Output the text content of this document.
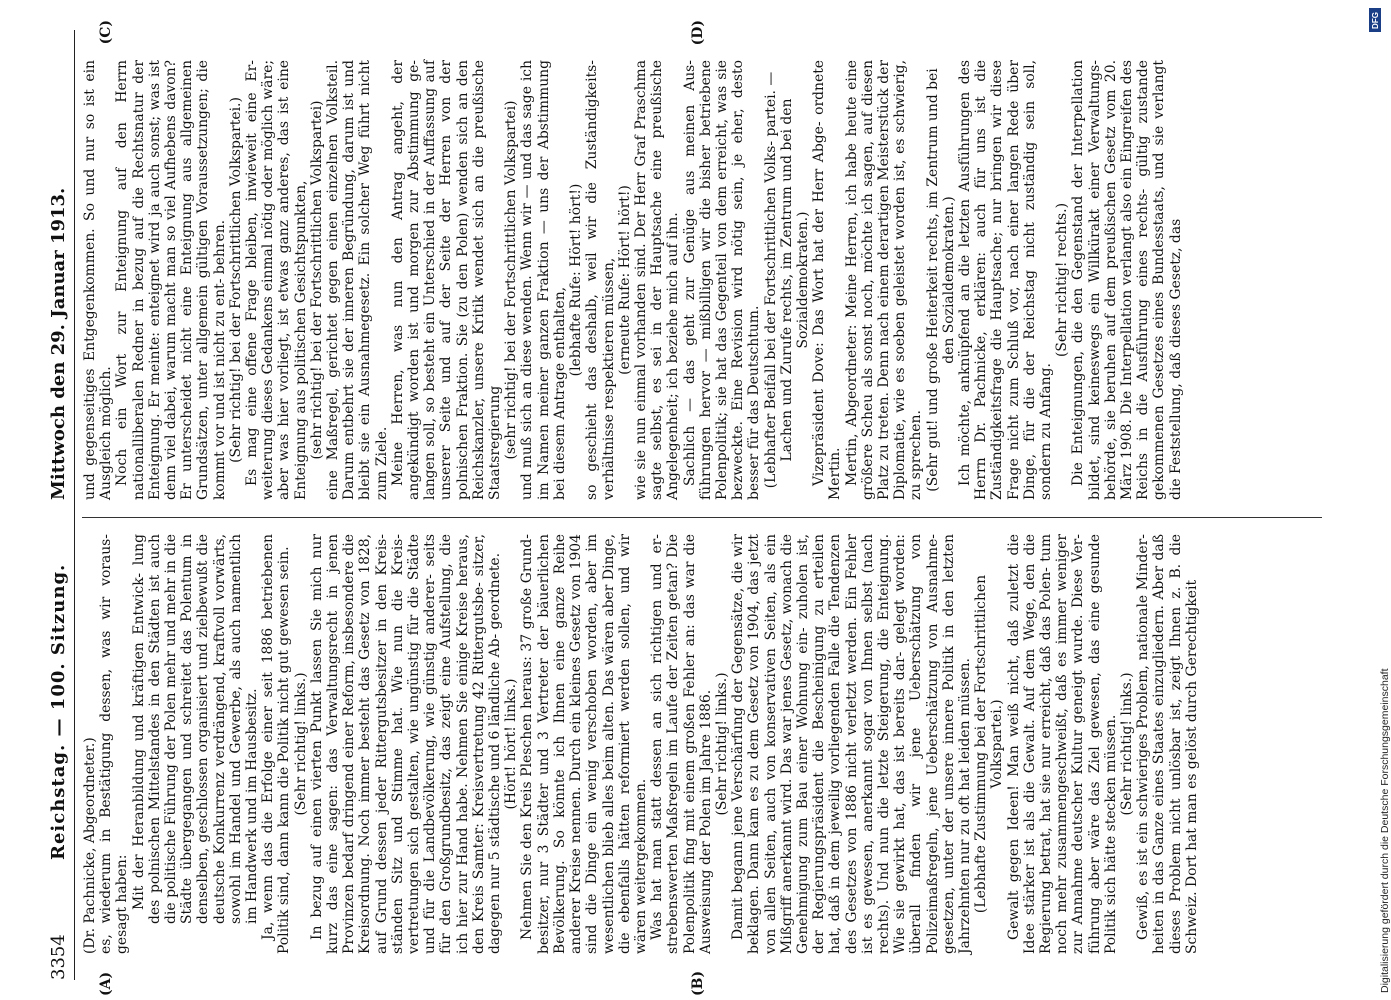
3354
Reichstag. — 100. Sitzung.
Mittwoch den 29. Januar 1913.
(A)	(B)
(C)	(D)

(Dr. Pachnicke, Abgeordneter.) es, wiederum in Bestätigung dessen, was wir voraus- gesagt haben: Mit der Heranbildung und kräftigen Entwick- lung des polnischen Mittelstandes in den Städten ist auch die politische Führung der Polen mehr und mehr in die Städte übergegangen und schreitet das Polentum in denselben, geschlossen organisiert und zielbewußt die deutsche Konkurrenz verdrängend, kraftvoll vorwärts, sowohl im Handel und Gewerbe, als auch namentlich im Handwerk und im Hausbesitz. Ja, wenn das die Erfolge einer seit 1886 betriebenen Politik sind, dann kann die Politik nicht gut gewesen sein. (Sehr richtig! links.) In bezug auf einen vierten Punkt lassen Sie mich nur kurz das eine sagen: das Verwaltungsrecht in jenen Provinzen bedarf dringend einer Reform, insbesondere die Kreisordnung. Noch immer besteht das Gesetz von 1828, auf Grund dessen jeder Rittergutsbesitzer in den Kreis- ständen Sitz und Stimme hat. Wie nun die Kreis- vertretungen sich gestalten, wie ungünstig für die Städte und für die Landbevölkerung, wie günstig anderer- seits für den Großgrundbesitz, das zeigt eine Aufstellung, die ich hier zur Hand habe. Nehmen Sie einige Kreise heraus, den Kreis Samter: Kreisvertretung 42 Rittergutsbe- sitzer, dagegen nur 5 städtische und 6 ländliche Ab- geordnete. (Hört! hört! links.) Nehmen Sie den Kreis Pleschen heraus: 37 große Grund- besitzer, nur 3 Städter und 3 Vertreter der bäuerlichen Bevölkerung. So könnte ich Ihnen eine ganze Reihe anderer Kreise nennen. Durch ein kleines Gesetz von 1904 sind die Dinge ein wenig verschoben worden, aber im wesentlichen blieb alles beim alten. Das wären aber Dinge, die ebenfalls hätten reformiert werden sollen, und wir wären weitergekommen. Was hat man statt dessen an sich richtigen und er- strebenswerten Maßregeln im Laufe der Zeiten getan? Die Polenpolitik fing mit einem großen Fehler an: das war die Ausweisung der Polen im Jahre 1886. (Sehr richtig! links.) Damit begann jene Verschärfung der Gegensätze, die wir beklagen. Dann kam es zu dem Gesetz von 1904, das jetzt von allen Seiten, auch von konservativen Seiten, als ein Mißgriff anerkannt wird. Das war jenes Gesetz, wonach die Genehmigung zum Bau einer Wohnung ein- zuholen ist, der Regierungspräsident die Bescheinigung zu erteilen hat, daß in dem jeweilig vorliegenden Falle die Tendenzen des Gesetzes von 1886 nicht verletzt werden. Ein Fehler ist es gewesen, anerkannt sogar von Ihnen selbst (nach rechts). Und nun die letzte Steigerung, die Enteignung. Wie sie gewirkt hat, das ist bereits dar- gelegt worden: überall finden wir jene Ueberschätzung von Polizeimaßregeln, jene Ueberschätzung von Ausnahme- gesetzen, unter der unsere innere Politik in den letzten Jahrzehnten nur zu oft hat leiden müssen. (Lebhafte Zustimmung bei der Fortschrittlichen Volkspartei.) Gewalt gegen Ideen! Man weiß nicht, daß zuletzt die Idee stärker ist als die Gewalt. Auf dem Wege, den die Regierung betrat, hat sie nur erreicht, daß das Polen- tum noch mehr zusammengeschweißt, daß es immer weniger zur Annahme deutscher Kultur geneigt wurde. Diese Ver- führung aber wäre das Ziel gewesen, das eine gesunde Politik sich hätte stecken müssen. (Sehr richtig! links.) Gewiß, es ist ein schwieriges Problem, nationale Minder- heiten in das Ganze eines Staates einzugliedern. Aber daß dieses Problem nicht unlösbar ist, zeigt Ihnen z. B. die Schweiz. Dort hat man es gelöst durch Gerechtigkeit

und gegenseitiges Entgegenkommen. So und nur so ist ein Ausgleich möglich. Noch ein Wort zur Enteignung auf den Herrn nationalliberalen Redner in bezug auf die Rechtsnatur der Enteignung. Er meinte: enteignet wird ja auch sonst; was ist denn viel dabei, warum macht man so viel Aufhebens davon? Er unterscheidet nicht eine Enteignung aus allgemeinen Grundsätzen, unter allgemein gültigen Voraussetzungen; die kommt vor und ist nicht zu ent- behren. (Sehr richtig! bei der Fortschrittlichen Volkspartei.) Es mag eine offene Frage bleiben, inwieweit eine Er- weiterung dieses Gedankens einmal nötig oder möglich wäre; aber was hier vorliegt, ist etwas ganz anderes, das ist eine Enteignung aus politischen Gesichtspunkten, (sehr richtig! bei der Fortschrittlichen Volkspartei) eine Maßregel, gerichtet gegen einen einzelnen Volksteil. Darum entbehrt sie der inneren Begründung, darum ist und bleibt sie ein Ausnahmegesetz. Ein solcher Weg führt nicht zum Ziele. Meine Herren, was nun den Antrag angeht, der angekündigt worden ist und morgen zur Abstimmung ge- langen soll, so besteht ein Unterschied in der Auffassung auf unserer Seite und auf der Seite der Herren von der polnischen Fraktion. Sie (zu den Polen) wenden sich an den Reichskanzler, unsere Kritik wendet sich an die preußische Staatsregierung (sehr richtig! bei der Fortschrittlichen Volkspartei) und muß sich an diese wenden. Wenn wir — und das sage ich im Namen meiner ganzen Fraktion — uns der Abstimmung bei diesem Antrage enthalten,

(lebhafte Rufe: Hört! hört!) so geschieht das deshalb, weil wir die Zuständigkeits- verhältnisse respektieren müssen, (erneute Rufe: Hört! hört!) wie sie nun einmal vorhanden sind. Der Herr Graf Praschma sagte selbst, es sei in der Hauptsache eine preußische Angelegenheit; ich beziehe mich auf ihn. Sachlich — das geht zur Genüge aus meinen Aus- führungen hervor — mißbilligen wir die bisher betriebene Polenpolitik; sie hat das Gegenteil von dem erreicht, was sie bezweckte. Eine Revision wird nötig sein, je eher, desto besser für das Deutschtum. (Lebhafter Beifall bei der Fortschrittlichen Volks- partei. — Lachen und Zurufe rechts, im Zentrum und bei den Sozialdemokraten.) Vizepräsident Dove: Das Wort hat der Herr Abge- ordnete Mertin. Mertin, Abgeordneter: Meine Herren, ich habe heute eine größere Scheu als sonst noch, möchte ich sagen, auf diesen Platz zu treten. Denn nach einem derartigen Meisterstück der Diplomatie, wie es soeben geleistet worden ist, es schwierig, zu sprechen. (Sehr gut! und große Heiterkeit rechts, im Zentrum und bei den Sozialdemokraten.) Ich möchte, anknüpfend an die letzten Ausführungen des Herrn Dr. Pachnicke, erklären: auch für uns ist die Zuständigkeitsfrage die Hauptsache; nur bringen wir diese Frage nicht zum Schluß vor, nach einer langen Rede über Dinge, für die der Reichstag nicht zuständig sein soll, sondern zu Anfang.

(Sehr richtig! rechts.) Die Enteignungen, die den Gegenstand der Interpellation bildet, sind keineswegs ein Willkürakt einer Verwaltungs- behörde, sie beruhen auf dem preußischen Gesetz vom 20. März 1908. Die Interpellation verlangt also ein Eingreifen des Reichs in die Ausführung eines rechts- gültig zustande gekommenen Gesetzes eines Bundesstaats, und sie verlangt die Feststellung, daß dieses Gesetz, das

DFG
Digitalisierung gefördert durch die Deutsche Forschungsgemeinschaft
